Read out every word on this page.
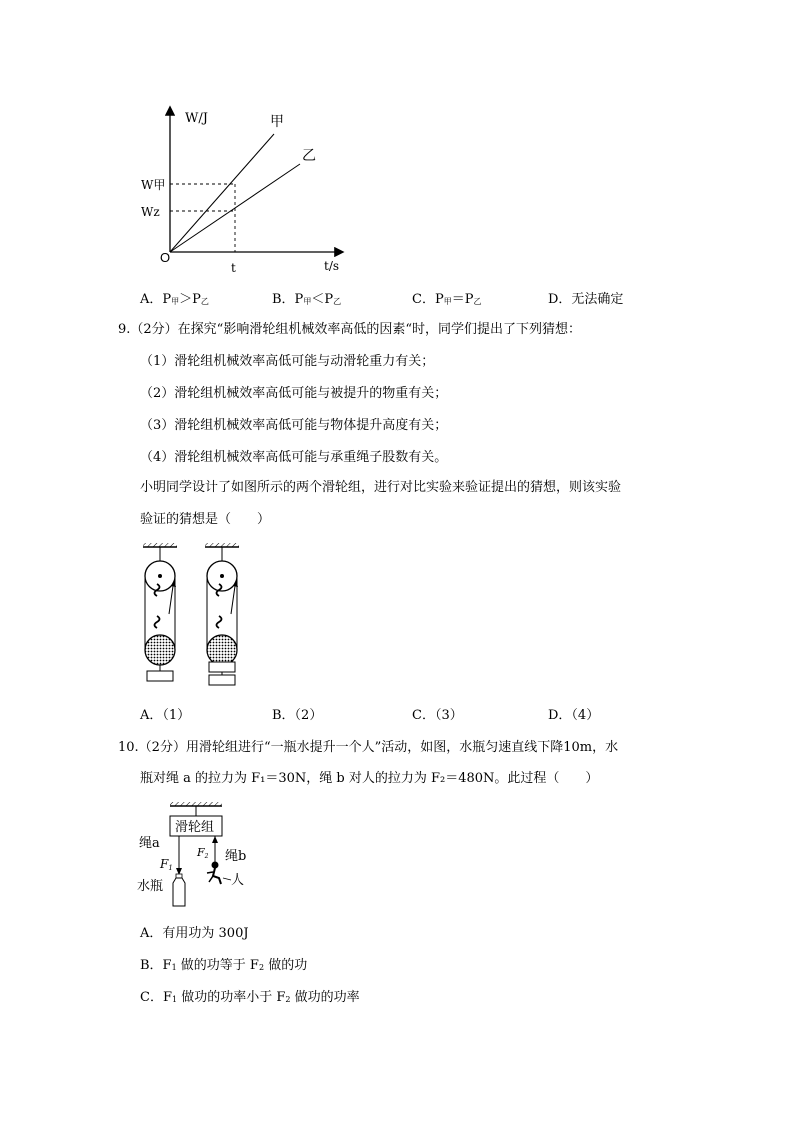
W/J
t/s
O
t
W甲
Wz
甲
乙
A．P甲＞P乙	B．P甲＜P乙	C．P甲＝P乙	D．无法确定
9.（2分）在探究“影响滑轮组机械效率高低的因素“时，同学们提出了下列猜想：
（1）滑轮组机械效率高低可能与动滑轮重力有关；
（2）滑轮组机械效率高低可能与被提升的物重有关；
（3）滑轮组机械效率高低可能与物体提升高度有关；
（4）滑轮组机械效率高低可能与承重绳子股数有关。
小明同学设计了如图所示的两个滑轮组，进行对比实验来验证提出的猜想，则该实验
验证的猜想是（　　）
A．（1）	B．（2）	C．（3）	D．（4）
10.（2分）用滑轮组进行“一瓶水提升一个人”活动，如图，水瓶匀速直线下降10m，水
瓶对绳 a 的拉力为 F₁＝30N，绳 b 对人的拉力为 F₂＝480N。此过程（　　）
滑轮组
绳a
F1
水瓶
F2 绳b
人
A．有用功为 300J
B．F1 做的功等于 F2 做的功
C．F1 做功的功率小于 F2 做功的功率
